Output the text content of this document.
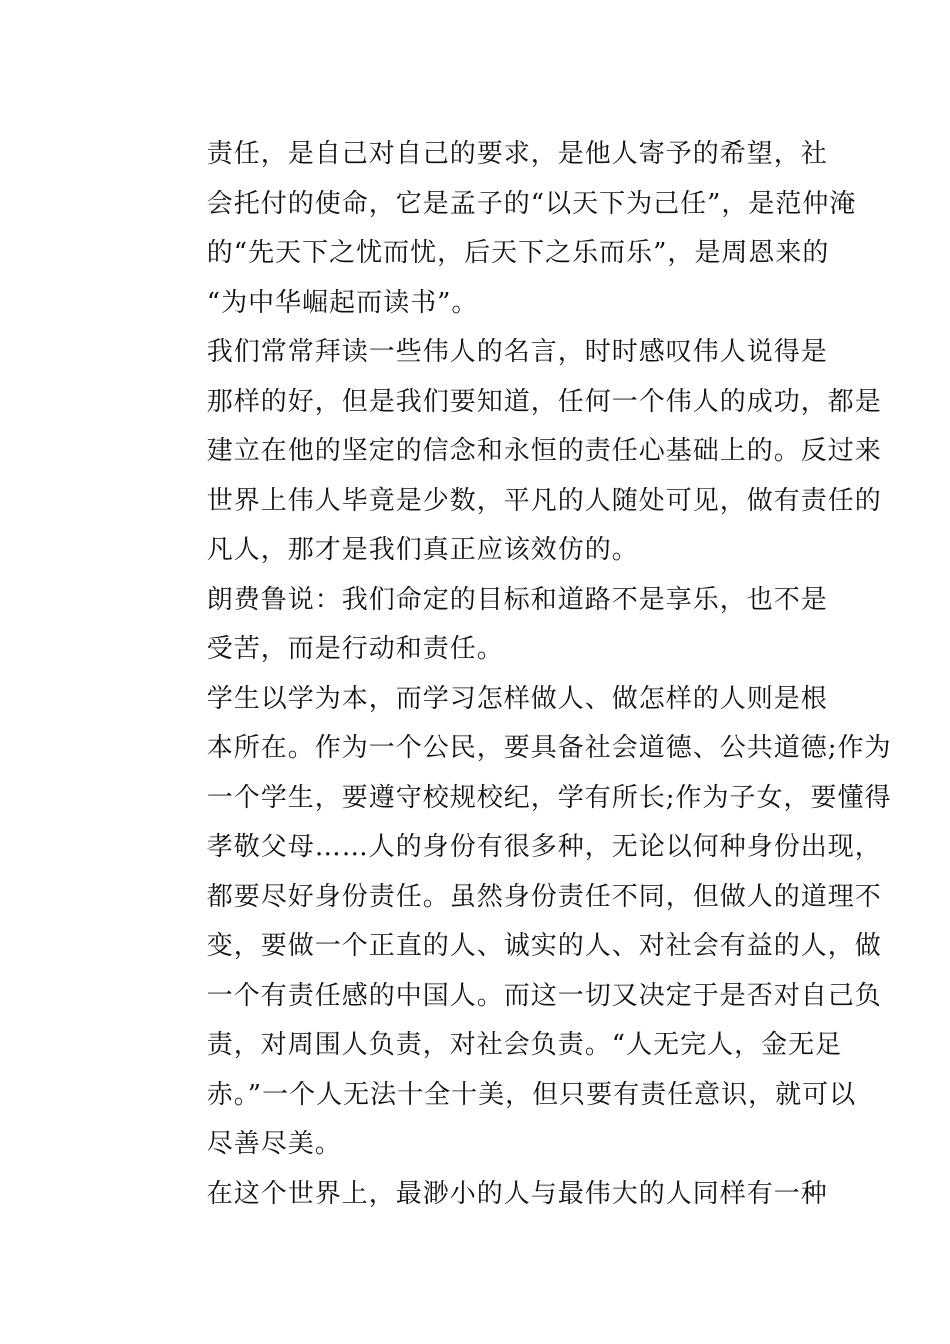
责任，是自己对自己的要求，是他人寄予的希望，社
会托付的使命，它是孟子的“以天下为己任”，是范仲淹
的“先天下之忧而忧，后天下之乐而乐”，是周恩来的
“为中华崛起而读书”。

我们常常拜读一些伟人的名言，时时感叹伟人说得是
那样的好，但是我们要知道，任何一个伟人的成功，都是
建立在他的坚定的信念和永恒的责任心基础上的。反过来
世界上伟人毕竟是少数，平凡的人随处可见，做有责任的
凡人，那才是我们真正应该效仿的。

朗费鲁说：我们命定的目标和道路不是享乐，也不是
受苦，而是行动和责任。

学生以学为本，而学习怎样做人、做怎样的人则是根
本所在。作为一个公民，要具备社会道德、公共道德;作为
一个学生，要遵守校规校纪，学有所长;作为子女，要懂得
孝敬父母……人的身份有很多种，无论以何种身份出现，
都要尽好身份责任。虽然身份责任不同，但做人的道理不
变，要做一个正直的人、诚实的人、对社会有益的人，做
一个有责任感的中国人。而这一切又决定于是否对自己负
责，对周围人负责，对社会负责。“人无完人，金无足
赤。”一个人无法十全十美，但只要有责任意识，就可以
尽善尽美。

在这个世界上，最渺小的人与最伟大的人同样有一种
